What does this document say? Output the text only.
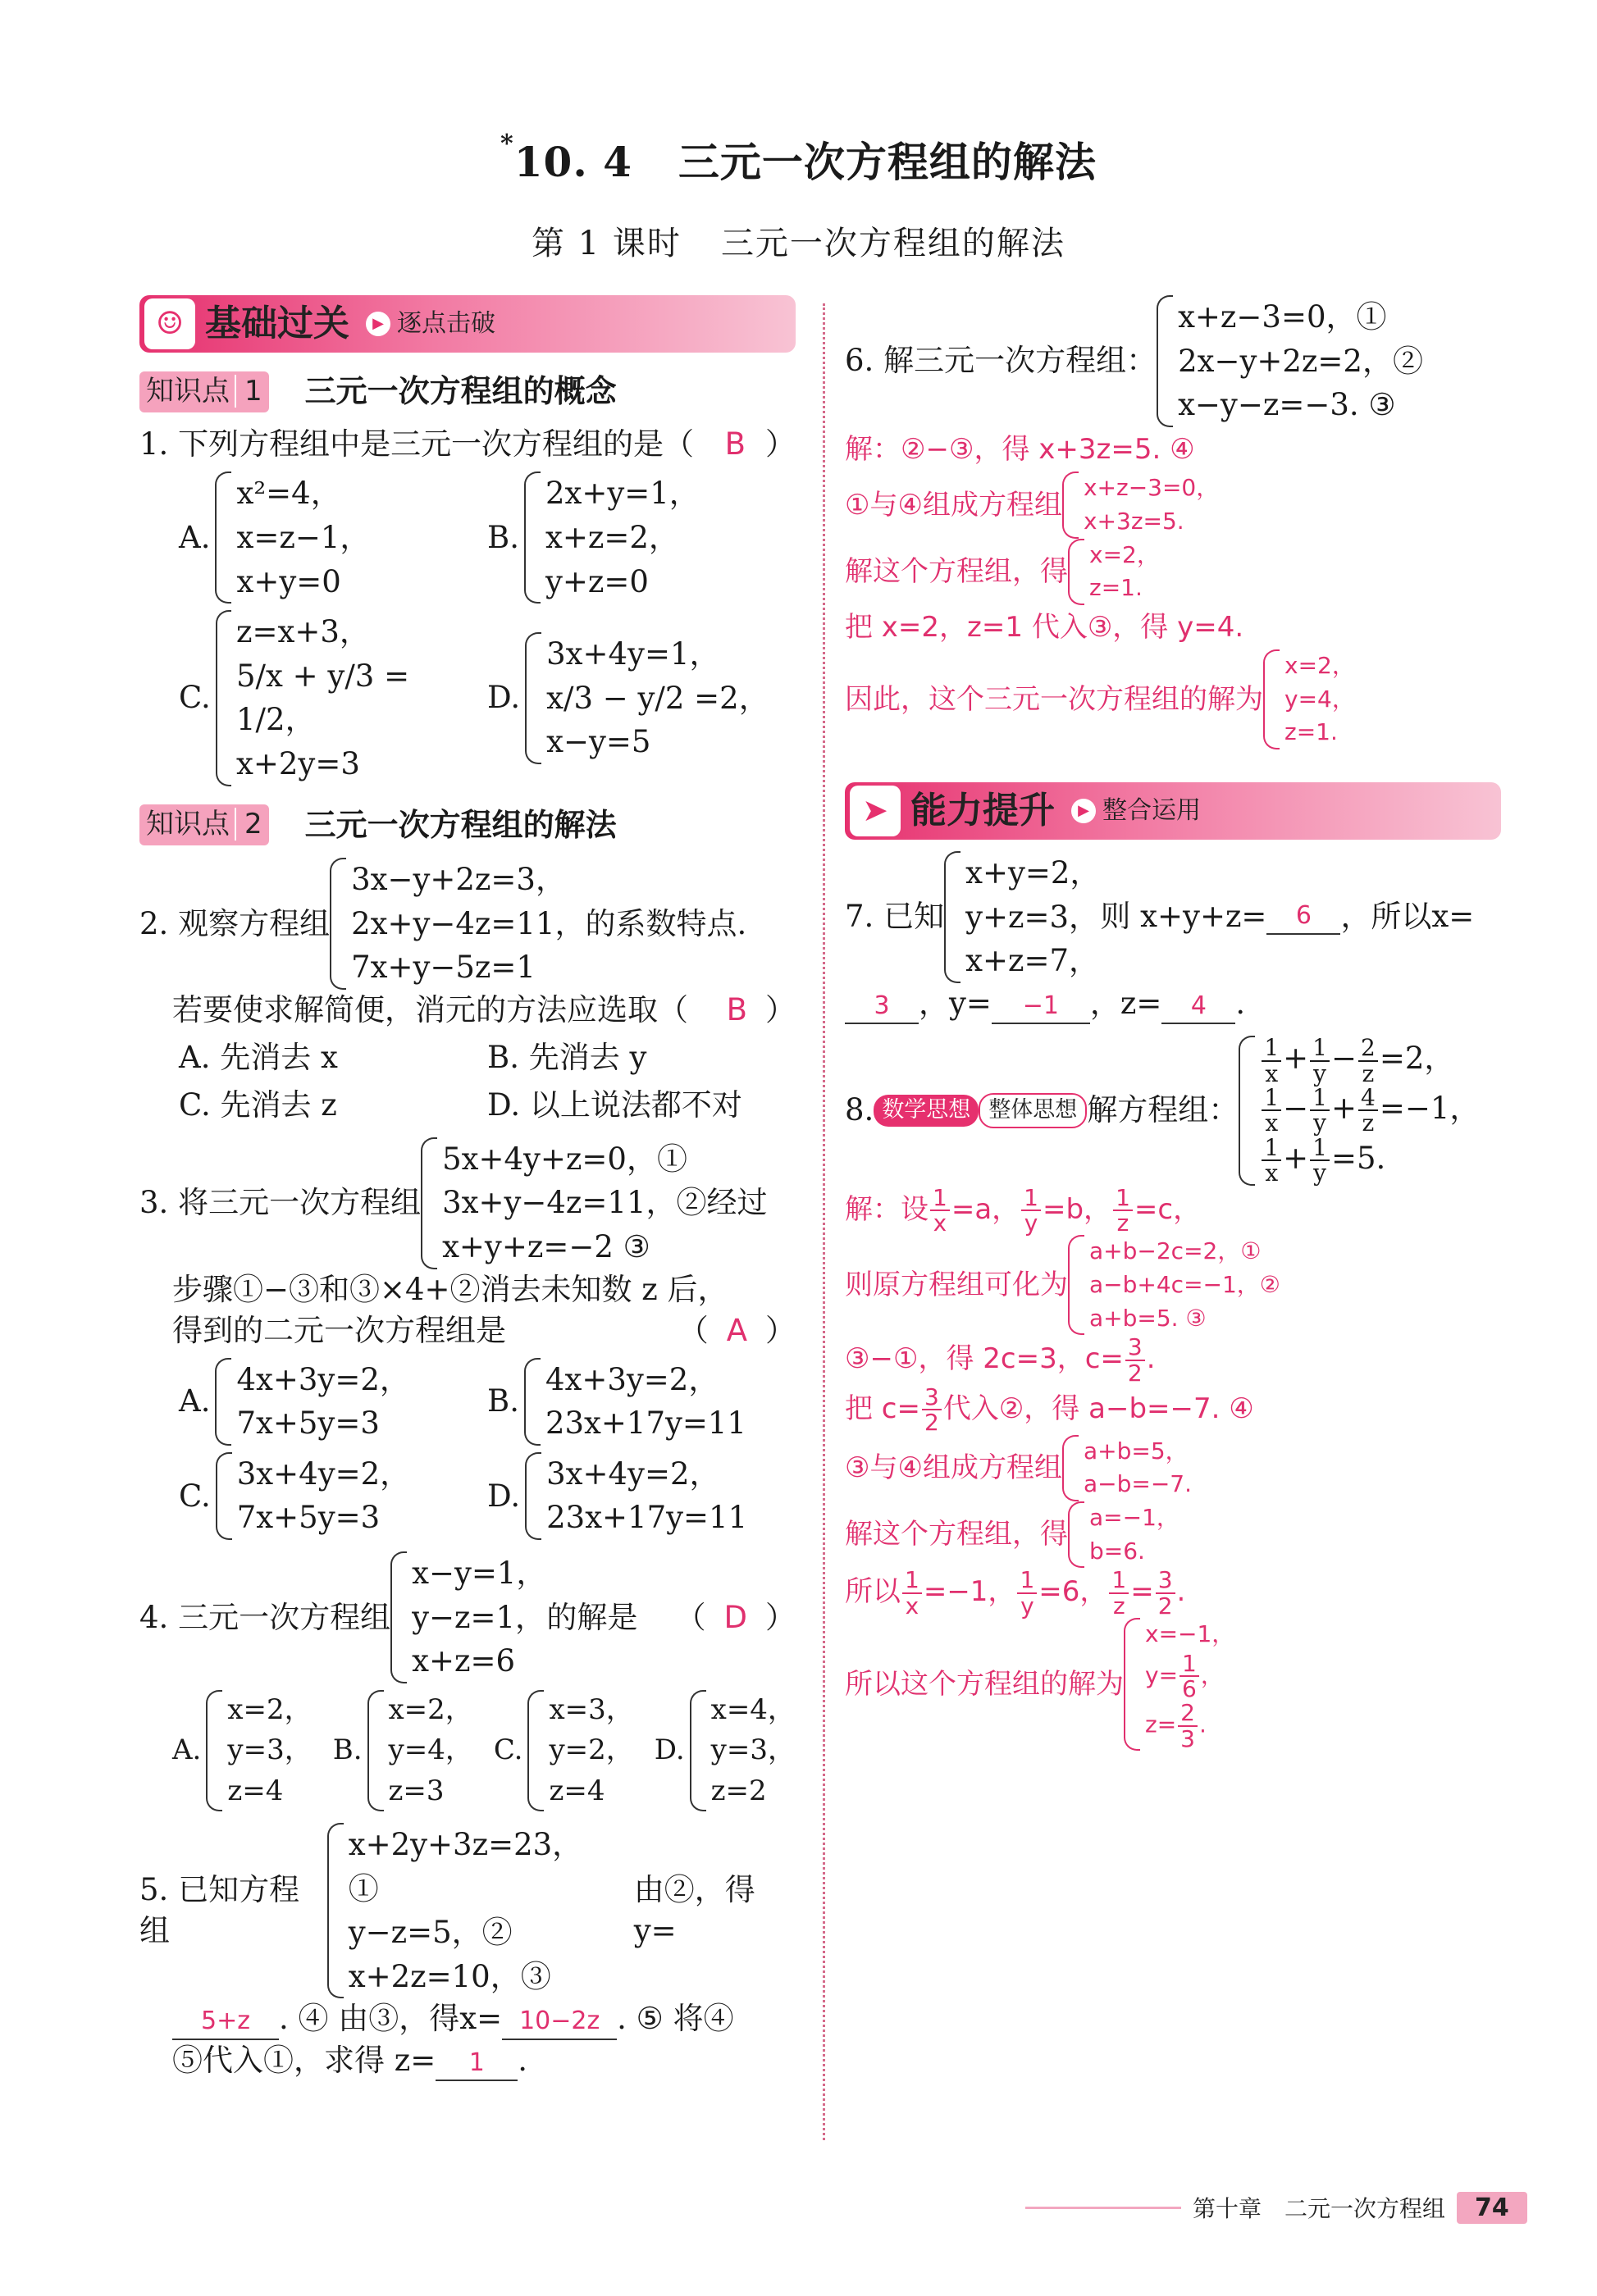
*10. 4 三元一次方程组的解法
第 1 课时 三元一次方程组的解法
☺ 基础过关	▶ 逐点击破
知识点 1 三元一次方程组的概念
1. 下列方程组中是三元一次方程组的是（	B ）
A.
x²=4，
x=z−1，
x+y=0
B.
2x+y=1，
x+z=2，
y+z=0
C.
z=x+3，
5/x + y/3 = 1/2，
x+2y=3
D.
3x+4y=1，
x/3 − y/2 =2，
x−y=5
知识点 2 三元一次方程组的解法
2. 观察方程组
3x−y+2z=3，
2x+y−4z=11，
7x+y−5z=1
的系数特点.
若要使求解简便，消元的方法应选取（	B ）
A. 先消去 x	B. 先消去 y
C. 先消去 z	D. 以上说法都不对
3. 将三元一次方程组
5x+4y+z=0，①
3x+y−4z=11，②
x+y+z=−2 ③
经过
步骤①−③和③×4+②消去未知数 z 后，
得到的二元一次方程组是	（ A ）
A.
4x+3y=2，
7x+5y=3
B.
4x+3y=2，
23x+17y=11
C.
3x+4y=2，
7x+5y=3
D.
3x+4y=2，
23x+17y=11
4. 三元一次方程组
x−y=1，
y−z=1，
x+z=6
的解是 （ D ）
A.
x=2，
y=3，
z=4
B.
x=2，
y=4，
z=3
C.
x=3，
y=2，
z=4
D.
x=4，
y=3，
z=2
5. 已知方程组
x+2y+3z=23，①
y−z=5，②
x+2z=10，③
由②，得y=
5+z . ④ 由③，得x= 10−2z . ⑤ 将④
⑤代入①，求得 z= 1 .
6. 解三元一次方程组：
x+z−3=0，①
2x−y+2z=2，②
x−y−z=−3. ③
解：②−③，得 x+3z=5. ④
①与④组成方程组
x+z−3=0，
x+3z=5.
解这个方程组，得
x=2，
z=1.
把 x=2，z=1 代入③，得 y=4.
因此，这个三元一次方程组的解为
x=2，
y=4，
z=1.
➤ 能力提升	▶ 整合运用
7. 已知
x+y=2，
y+z=3，
x+z=7，
则 x+y+z=	6 ，所以x=
3 ，y= −1 ，z= 4 .
8. 数学思想 整体思想 解方程组：
$\frac{1}{x} + \frac{1}{y} - \frac{2}{z} =2$，
$\frac{1}{x} - \frac{1}{y} + \frac{4}{z} =-1$，
$\frac{1}{x} + \frac{1}{y} =5$.
解：设 $\frac{1}{x} =a$， $\frac{1}{y} =b$， $\frac{1}{z} =c$，
则原方程组可化为
a+b−2c=2，①
a−b+4c=−1，②
a+b=5. ③
③−①，得 2c=3，$c= \frac{3}{2}$ .
把 $c= \frac{3}{2}$ 代入②，得 a−b=−7. ④
③与④组成方程组
a+b=5，
a−b=−7.
解这个方程组，得
a=−1，
b=6.
所以 $\frac{1}{x} =-1$， $\frac{1}{y} =6$， $\frac{1}{z} = \frac{3}{2}$ .
所以这个方程组的解为
x=−1，
$y= \frac{1}{6}$ ，
$z= \frac{2}{3}$ .
第十章　二元一次方程组	74
